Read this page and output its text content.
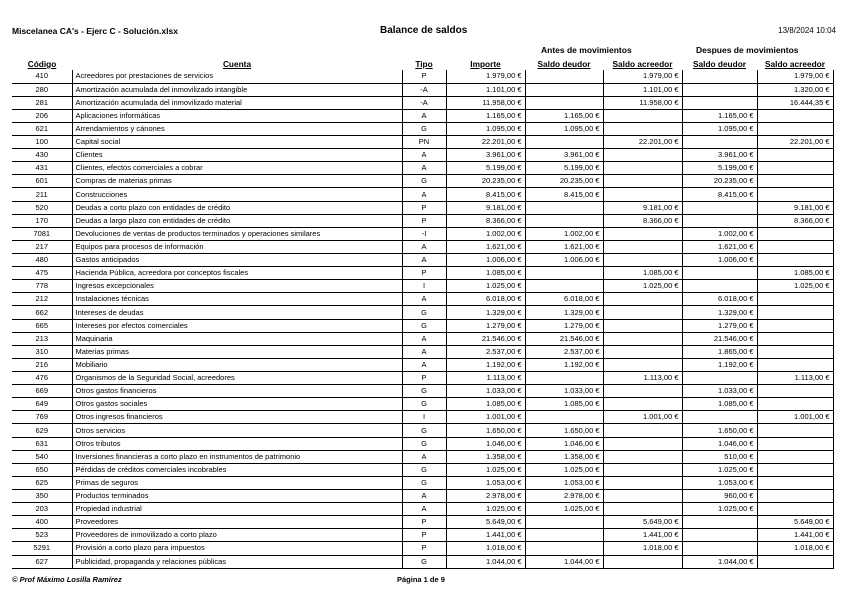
Miscelanea CA's - Ejerc C - Solución.xlsx	Balance de saldos	13/8/2024 10:04
Antes de movimientos	Despues de movimientos
Código	Cuenta	Tipo	Importe	Saldo deudor	Saldo acreedor	Saldo deudor	Saldo acreedor
410	Acreedores por prestaciones de servicios	P	1.979,00 €		1.979,00 €		1.979,00 €
280	Amortización acumulada del inmovilizado intangible	-A	1.101,00 €		1.101,00 €		1.320,00 €
281	Amortización acumulada del inmovilizado material	-A	11.958,00 €		11.958,00 €		16.444,35 €
206	Aplicaciones informáticas	A	1.165,00 €	1.165,00 €		1.165,00 €	
621	Arrendamientos y cánones	G	1.095,00 €	1.095,00 €		1.095,00 €	
100	Capital social	PN	22.201,00 €		22.201,00 €		22.201,00 €
430	Clientes	A	3.961,00 €	3.961,00 €		3.961,00 €	
431	Clientes, efectos comerciales a cobrar	A	5.199,00 €	5.199,00 €		5.199,00 €	
601	Compras de materias primas	G	20.235,00 €	20.235,00 €		20.235,00 €	
211	Construcciones	A	8.415,00 €	8.415,00 €		8.415,00 €	
520	Deudas a corto plazo con entidades de crédito	P	9.181,00 €		9.181,00 €		9.181,00 €
170	Deudas a largo plazo con entidades de crédito	P	8.366,00 €		8.366,00 €		8.366,00 €
7081	Devoluciones de ventas de productos terminados y operaciones similares	-I	1.002,00 €	1.002,00 €		1.002,00 €	
217	Equipos para procesos de información	A	1.621,00 €	1.621,00 €		1.621,00 €	
480	Gastos anticipados	A	1.006,00 €	1.006,00 €		1.006,00 €	
475	Hacienda Pública, acreedora por conceptos fiscales	P	1.085,00 €		1.085,00 €		1.085,00 €
778	Ingresos excepcionales	I	1.025,00 €		1.025,00 €		1.025,00 €
212	Instalaciones técnicas	A	6.018,00 €	6.018,00 €		6.018,00 €	
662	Intereses de deudas	G	1.329,00 €	1.329,00 €		1.329,00 €	
665	Intereses por efectos comerciales	G	1.279,00 €	1.279,00 €		1.279,00 €	
213	Maquinaria	A	21.546,00 €	21.546,00 €		21.546,00 €	
310	Materias primas	A	2.537,00 €	2.537,00 €		1.865,00 €	
216	Mobiliario	A	1.192,00 €	1.192,00 €		1.192,00 €	
476	Organismos de la Seguridad Social, acreedores	P	1.113,00 €		1.113,00 €		1.113,00 €
669	Otros gastos financieros	G	1.033,00 €	1.033,00 €		1.033,00 €	
649	Otros gastos sociales	G	1.085,00 €	1.085,00 €		1.085,00 €	
769	Otros ingresos financieros	I	1.001,00 €		1.001,00 €		1.001,00 €
629	Otros servicios	G	1.650,00 €	1.650,00 €		1.650,00 €	
631	Otros tributos	G	1.046,00 €	1.046,00 €		1.046,00 €	
540	Inversiones financieras a corto plazo en instrumentos de patrimonio	A	1.358,00 €	1.358,00 €		510,00 €	
650	Pérdidas de créditos comerciales incobrables	G	1.025,00 €	1.025,00 €		1.025,00 €	
625	Primas de seguros	G	1.053,00 €	1.053,00 €		1.053,00 €	
350	Productos terminados	A	2.978,00 €	2.978,00 €		960,00 €	
203	Propiedad industrial	A	1.025,00 €	1.025,00 €		1.025,00 €	
400	Proveedores	P	5.649,00 €		5.649,00 €		5.649,00 €
523	Proveedores de inmovilizado a corto plazo	P	1.441,00 €		1.441,00 €		1.441,00 €
5291	Provisión a corto plazo para impuestos	P	1.018,00 €		1.018,00 €		1.018,00 €
627	Publicidad, propaganda y relaciones públicas	G	1.044,00 €	1.044,00 €		1.044,00 €	
© Prof Máximo Losilla Ramírez	Página 1 de 9
